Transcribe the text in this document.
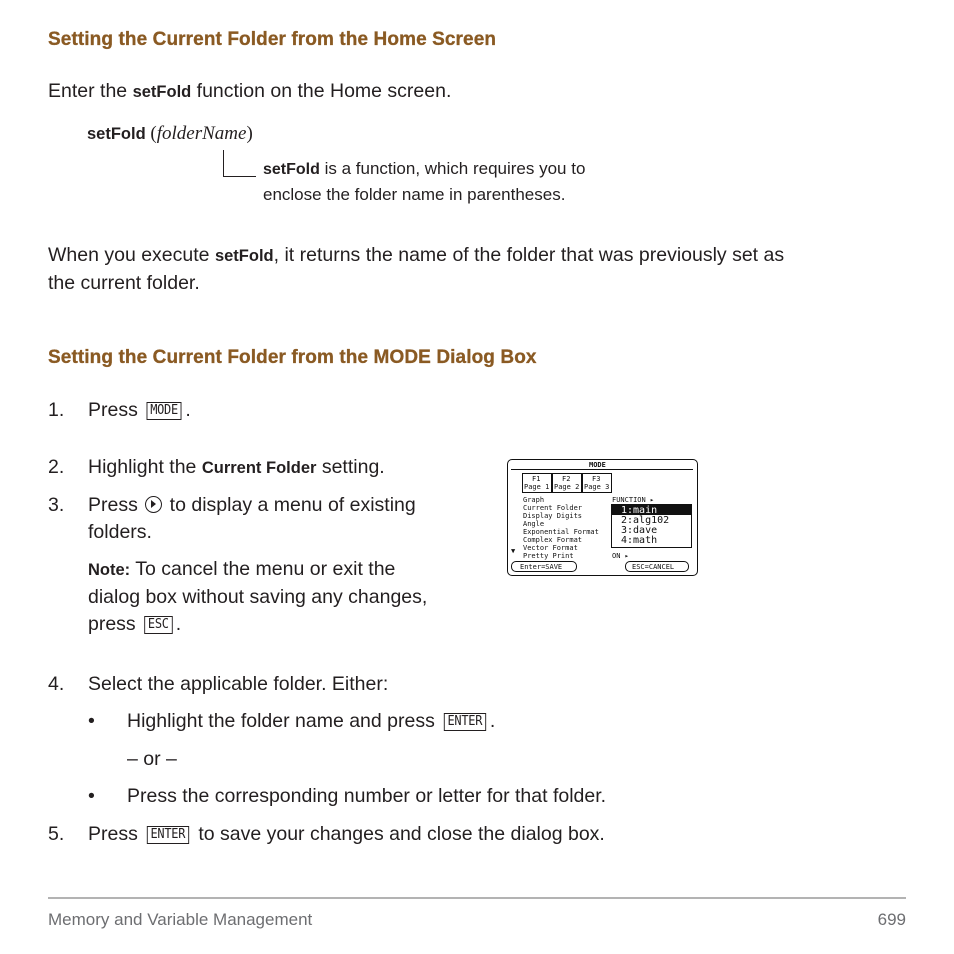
Setting the Current Folder from the Home Screen
Enter the setFold function on the Home screen.
setFold (folderName)
setFold is a function, which requires you to
enclose the folder name in parentheses.
When you execute setFold, it returns the name of the folder that was previously set as
the current folder.
Setting the Current Folder from the MODE Dialog Box
1. Press MODE .
2. Highlight the Current Folder setting.
3. Press  to display a menu of existing
folders.
Note: To cancel the menu or exit the
dialog box without saving any changes,
press ESC .
MODE
F1
Page 1
F2
Page 2
F3
Page 3
Graph
Current Folder
Display Digits
Angle
Exponential Format
Complex Format
Vector Format
Pretty Print
▼
FUNCTION ▸
ON ▸
1:main
2:alg102
3:dave
4:math
Enter=SAVE	ESC=CANCEL
4. Select the applicable folder. Either:
• Highlight the folder name and press ENTER .
– or –
• Press the corresponding number or letter for that folder.
5. Press ENTER to save your changes and close the dialog box.
Memory and Variable Management	699
